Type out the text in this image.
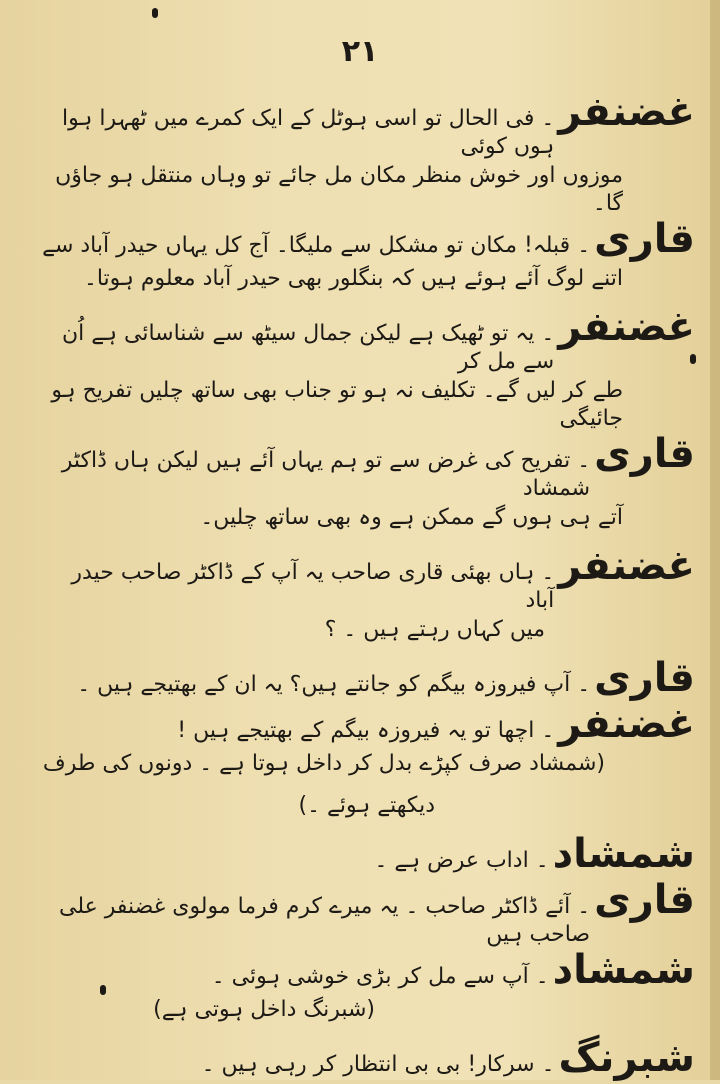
۲۱
غضنفر
۔ فی الحال تو اسی ہوٹل کے ایک کمرے میں ٹھہرا ہوا ہوں کوئی
موزوں اور خوش منظر مکان مل جائے تو وہاں منتقل ہو جاؤں گا۔
قاری
۔ قبلہ! مکان تو مشکل سے ملیگا۔ آج کل یہاں حیدر آباد سے
اتنے لوگ آئے ہوئے ہیں کہ بنگلور بھی حیدر آباد معلوم ہوتا۔
غضنفر
۔ یہ تو ٹھیک ہے لیکن جمال سیٹھ سے شناسائی ہے اُن سے مل کر
طے کر لیں گے۔ تکلیف نہ ہو تو جناب بھی ساتھ چلیں تفریح ہو جائیگی
قاری
۔ تفریح کی غرض سے تو ہم یہاں آئے ہیں لیکن ہاں ڈاکٹر شمشاد
آتے ہی ہوں گے ممکن ہے وہ بھی ساتھ چلیں۔
غضنفر
۔ ہاں بھئی قاری صاحب یہ آپ کے ڈاکٹر صاحب حیدر آباد
میں کہاں رہتے ہیں ۔ ؟
قاری
۔ آپ فیروزہ بیگم کو جانتے ہیں؟ یہ ان کے بھتیجے ہیں ۔
غضنفر
۔ اچھا تو یہ فیروزہ بیگم کے بھتیجے ہیں !
(شمشاد صرف کپڑے بدل کر داخل ہوتا ہے ۔ دونوں کی طرف
دیکھتے ہوئے ۔)
شمشاد
۔ اداب عرض ہے ۔
قاری
۔ آئے ڈاکٹر صاحب ۔ یہ میرے کرم فرما مولوی غضنفر علی صاحب ہیں
شمشاد
۔ آپ سے مل کر بڑی خوشی ہوئی ۔
(شبرنگ داخل ہوتی ہے)
شبرنگ
۔ سرکار! بی بی انتظار کر رہی ہیں ۔
